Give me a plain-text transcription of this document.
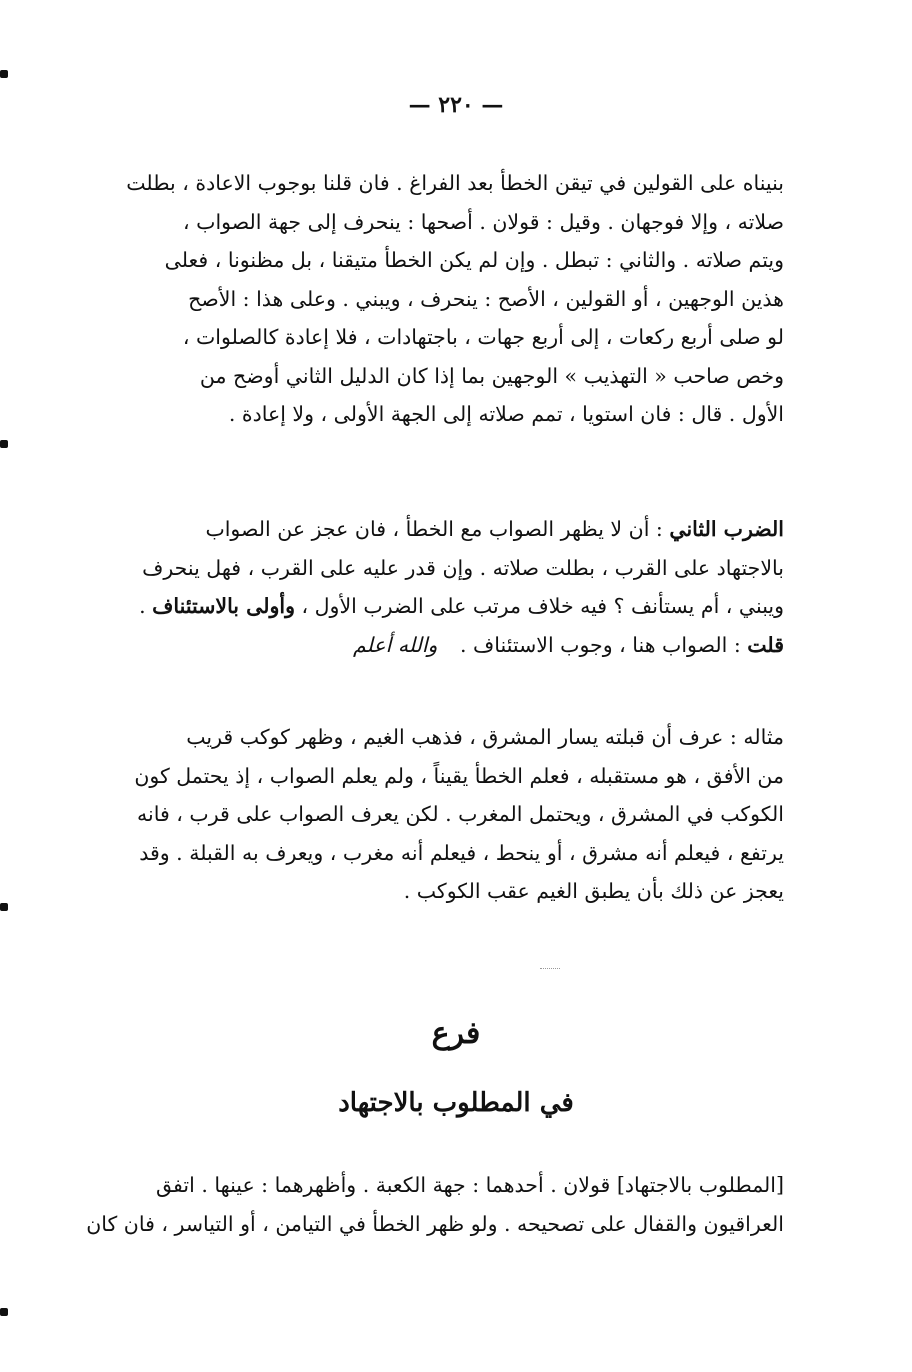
— ٢٢٠ —
بنيناه على القولين في تيقن الخطأ بعد الفراغ . فان قلنا بوجوب الاعادة ، بطلت
صلاته ، وإلا فوجهان . وقيل : قولان . أصحها : ينحرف إلى جهة الصواب ،
ويتم صلاته . والثاني : تبطل . وإن لم يكن الخطأ متيقنا ، بل مظنونا ، فعلى
هذين الوجهين ، أو القولين ، الأصح : ينحرف ، ويبني . وعلى هذا : الأصح
لو صلى أربع ركعات ، إلى أربع جهات ، باجتهادات ، فلا إعادة كالصلوات ،
وخص صاحب « التهذيب » الوجهين بما إذا كان الدليل الثاني أوضح من
الأول . قال : فان استويا ، تمم صلاته إلى الجهة الأولى ، ولا إعادة .
الضرب الثاني : أن لا يظهر الصواب مع الخطأ ، فان عجز عن الصواب
بالاجتهاد على القرب ، بطلت صلاته . وإن قدر عليه على القرب ، فهل ينحرف
ويبني ، أم يستأنف ؟ فيه خلاف مرتب على الضرب الأول ، وأولى بالاستئناف .
قلت : الصواب هنا ، وجوب الاستئناف . والله أعلم
مثاله : عرف أن قبلته يسار المشرق ، فذهب الغيم ، وظهر كوكب قريب
من الأفق ، هو مستقبله ، فعلم الخطأ يقيناً ، ولم يعلم الصواب ، إذ يحتمل كون
الكوكب في المشرق ، ويحتمل المغرب . لكن يعرف الصواب على قرب ، فانه
يرتفع ، فيعلم أنه مشرق ، أو ينحط ، فيعلم أنه مغرب ، ويعرف به القبلة . وقد
يعجز عن ذلك بأن يطبق الغيم عقب الكوكب .
فرع
في المطلوب بالاجتهاد
[المطلوب بالاجتهاد] قولان . أحدهما : جهة الكعبة . وأظهرهما : عينها . اتفق
العراقيون والقفال على تصحيحه . ولو ظهر الخطأ في التيامن ، أو التياسر ، فان كان
